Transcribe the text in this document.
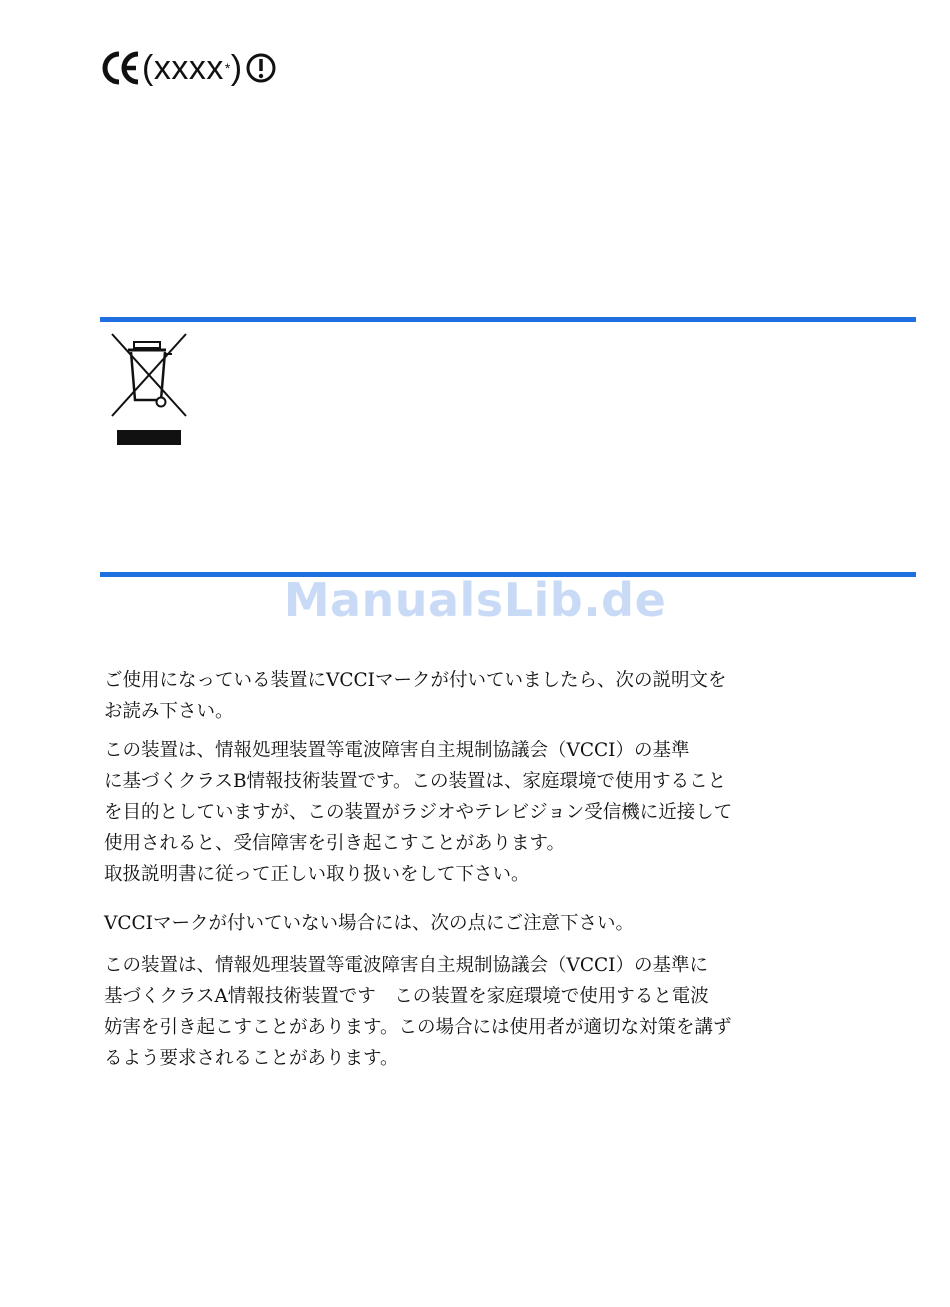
(xxxx * )
ManualsLib.de

ご使用になっている装置にVCCIマークが付いていましたら、次の説明文を
お読み下さい。

この装置は、情報処理装置等電波障害自主規制協議会（VCCI）の基準
に基づくクラスB情報技術装置です。この装置は、家庭環境で使用すること
を目的としていますが、この装置がラジオやテレビジョン受信機に近接して
使用されると、受信障害を引き起こすことがあります。
取扱説明書に従って正しい取り扱いをして下さい。

VCCIマークが付いていない場合には、次の点にご注意下さい。

この装置は、情報処理装置等電波障害自主規制協議会（VCCI）の基準に
基づくクラスA情報技術装置です　この装置を家庭環境で使用すると電波
妨害を引き起こすことがあります。この場合には使用者が適切な対策を講ず
るよう要求されることがあります。
